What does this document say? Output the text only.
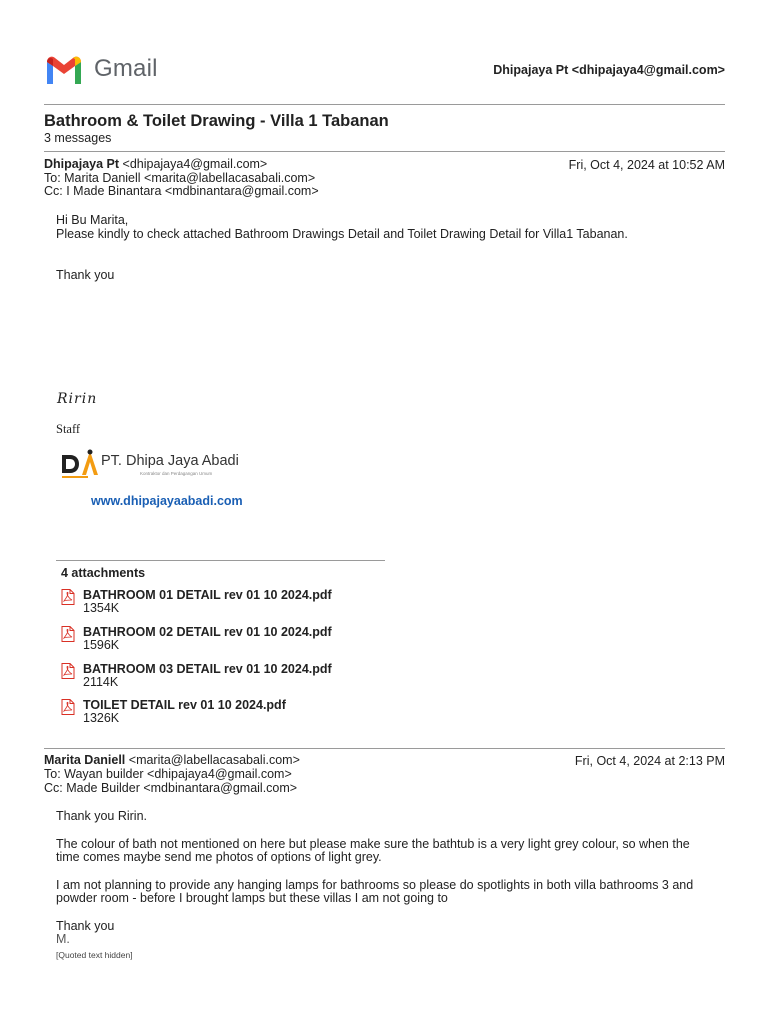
Gmail	Dhipajaya Pt <dhipajaya4@gmail.com>
Bathroom & Toilet Drawing - Villa 1 Tabanan
3 messages
Dhipajaya Pt <dhipajaya4@gmail.com>	Fri, Oct 4, 2024 at 10:52 AM
To: Marita Daniell <marita@labellacasabali.com>
Cc: I Made Binantara <mdbinantara@gmail.com>
Hi Bu Marita,
Please kindly to check attached Bathroom Drawings Detail and Toilet Drawing Detail for Villa1 Tabanan.
Thank you
Ririn
Staff
PT. Dhipa Jaya Abadi
Kontraktor dan Perdagangan Umum
www.dhipajayaabadi.com
4 attachments
BATHROOM 01 DETAIL rev 01 10 2024.pdf
1354K
BATHROOM 02 DETAIL rev 01 10 2024.pdf
1596K
BATHROOM 03 DETAIL rev 01 10 2024.pdf
2114K
TOILET DETAIL rev 01 10 2024.pdf
1326K
Marita Daniell <marita@labellacasabali.com>	Fri, Oct 4, 2024 at 2:13 PM
To: Wayan builder <dhipajaya4@gmail.com>
Cc: Made Builder <mdbinantara@gmail.com>
Thank you Ririn.
The colour of bath not mentioned on here but please make sure the bathtub is a very light grey colour, so when the
time comes maybe send me photos of options of light grey.
I am not planning to provide any hanging lamps for bathrooms so please do spotlights in both villa bathrooms 3 and
powder room - before I brought lamps but these villas I am not going to
Thank you
M.
[Quoted text hidden]
